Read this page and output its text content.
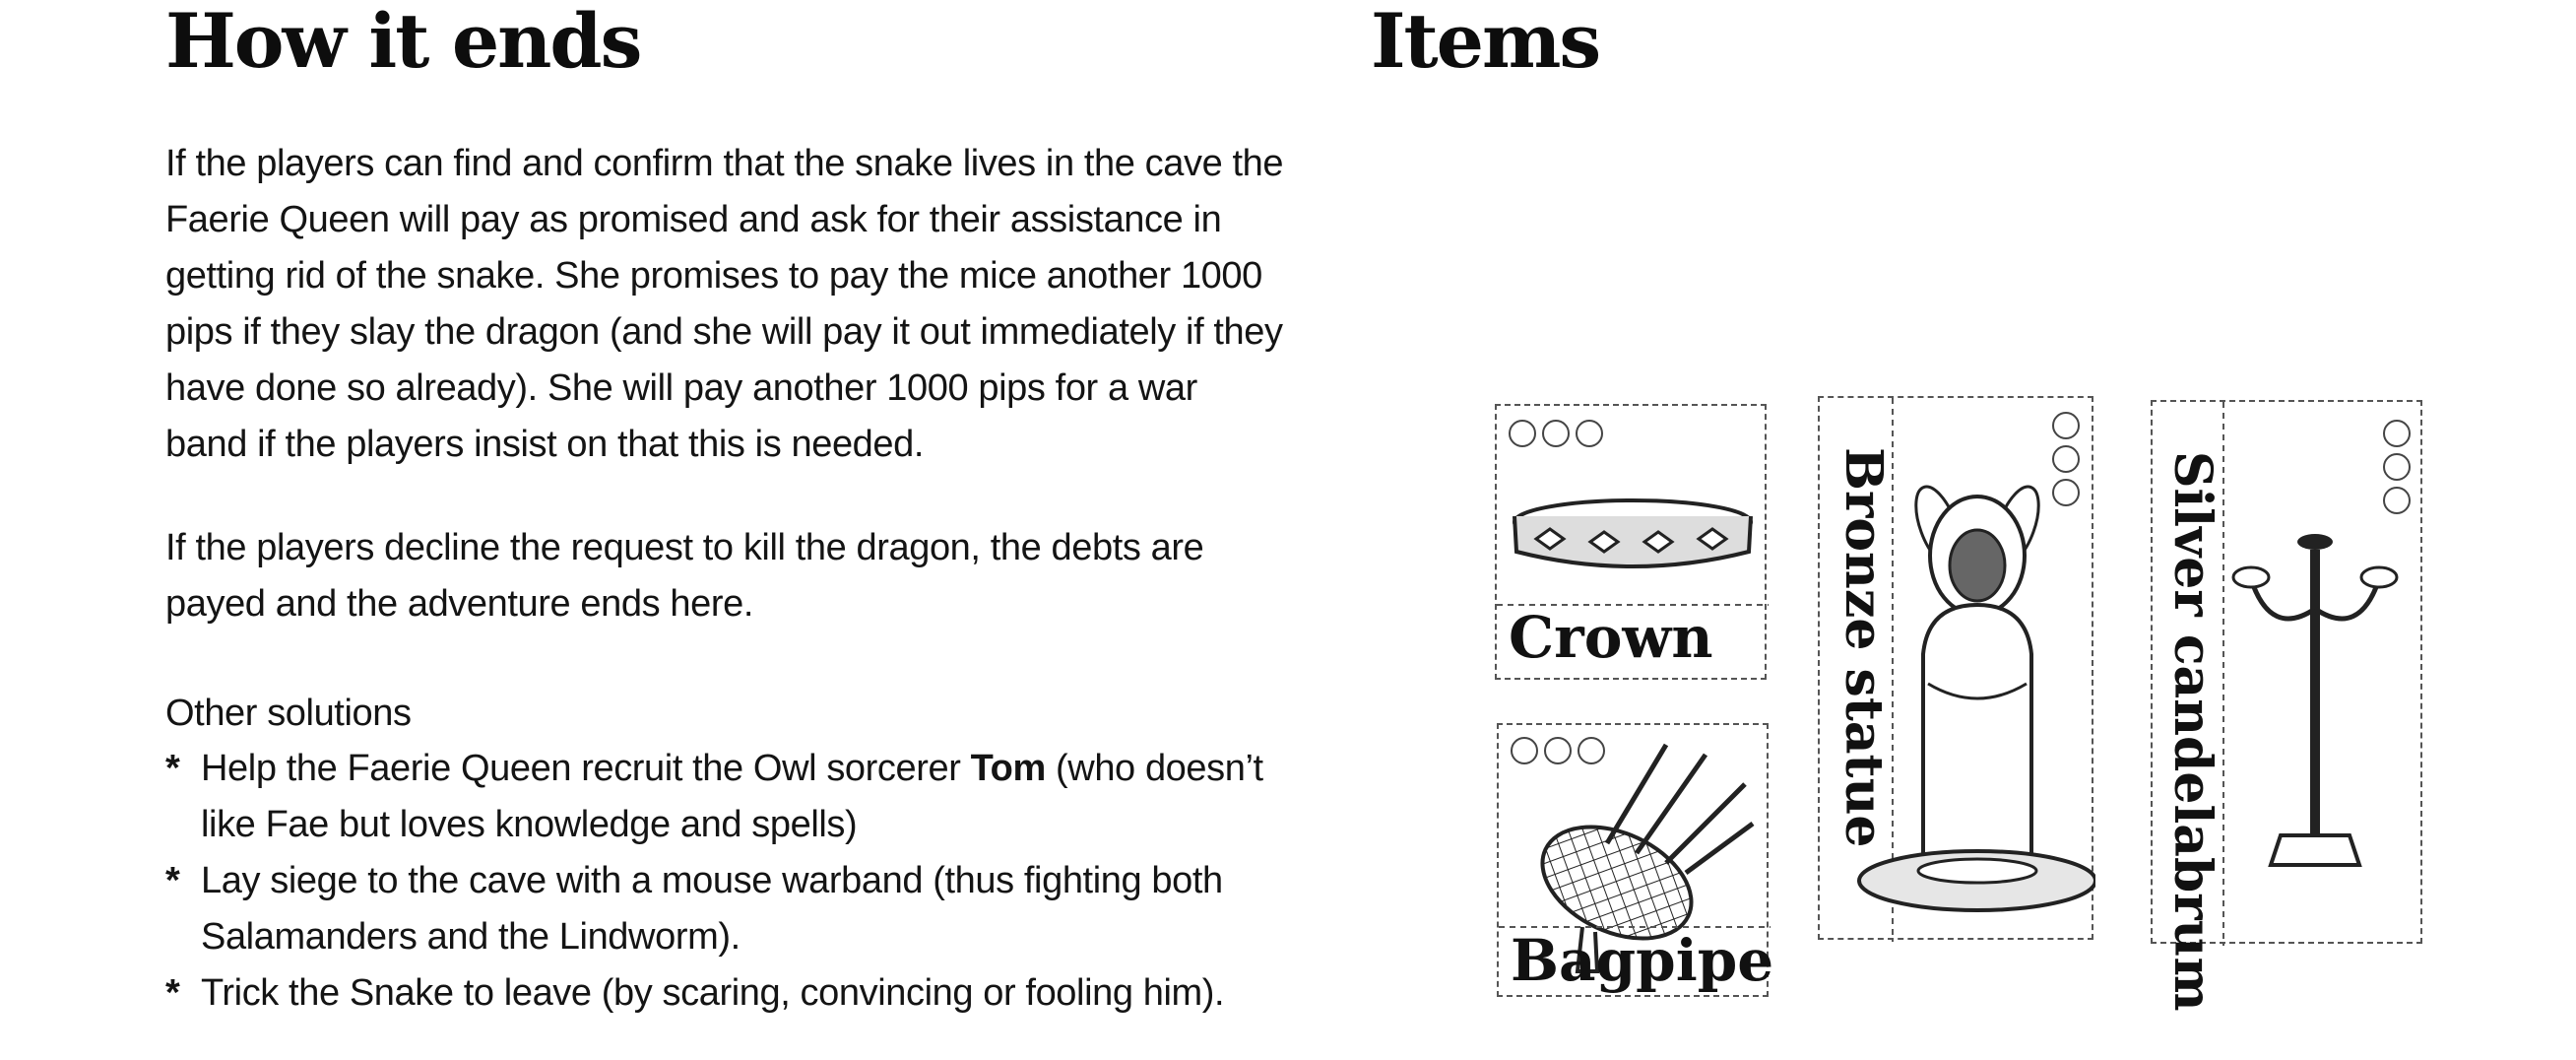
How it ends	Items

If the players can find and confirm that the snake lives in the cave the Faerie Queen will pay as promised and ask for their assistance in getting rid of the snake. She promises to pay the mice another 1000 pips if they slay the dragon (and she will pay it out immediately if they have done so already). She will pay another 1000 pips for a war band if the players insist on that this is needed.

If the players decline the request to kill the dragon, the debts are payed and the adventure ends here.

Other solutions
* Help the Faerie Queen recruit the Owl sorcerer Tom (who doesn’t like Fae but loves knowledge and spells)
* Lay siege to the cave with a mouse warband (thus fighting both Salamanders and the Lindworm).
* Trick the Snake to leave (by scaring, convincing or fooling him).
Crown
Bagpipe
Bronze statue	Silver candelabrum
